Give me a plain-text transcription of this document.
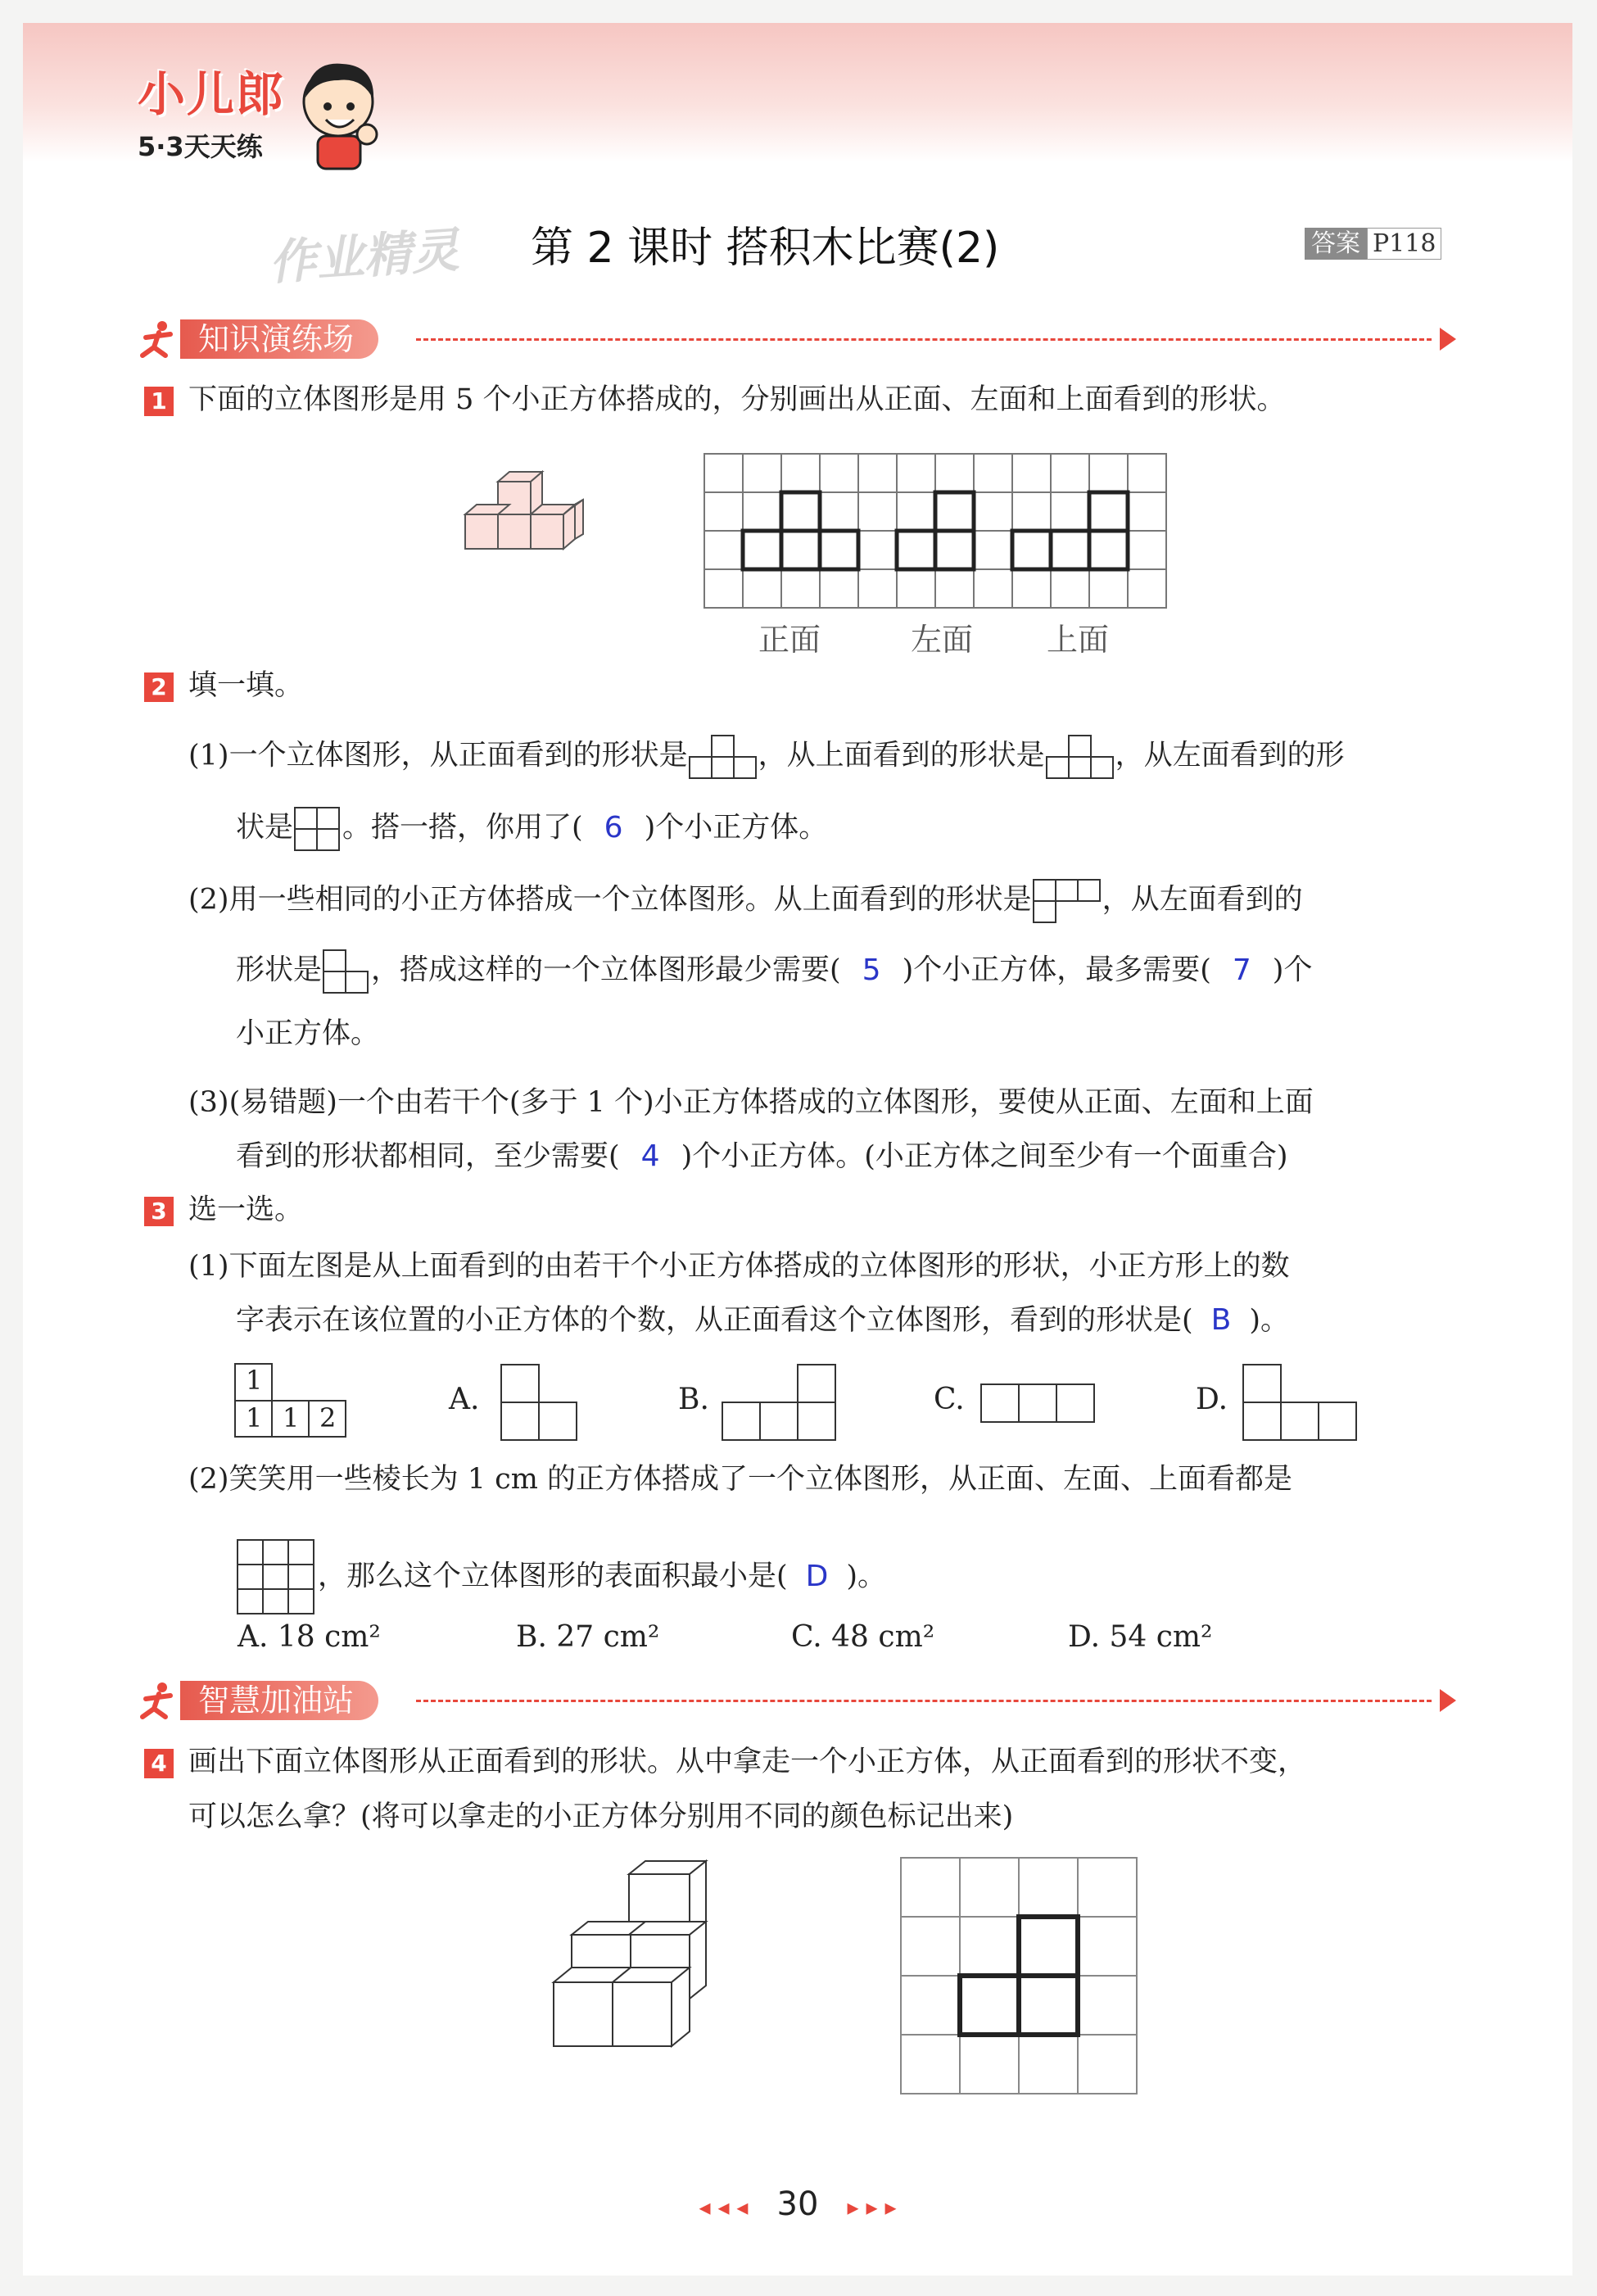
小儿郎
5·3天天练
作业精灵 第 2 课时 搭积木比赛(2)	答案 P118
知识演练场
1 下面的立体图形是用 5 个小正方体搭成的，分别画出从正面、左面和上面看到的形状。
正面	左面 上面
2 填一填。
(1)一个立体图形，从正面看到的形状是 ，从上面看到的形状是 ，从左面看到的形
状是 。搭一搭，你用了( 6 )个小正方体。
(2)用一些相同的小正方体搭成一个立体图形。从上面看到的形状是 ，从左面看到的
形状是 ，搭成这样的一个立体图形最少需要( 5 )个小正方体，最多需要( 7 )个
小正方体。
(3)(易错题)一个由若干个(多于 1 个)小正方体搭成的立体图形，要使从正面、左面和上面
看到的形状都相同，至少需要( 4 )个小正方体。(小正方体之间至少有一个面重合)
3 选一选。
(1)下面左图是从上面看到的由若干个小正方体搭成的立体图形的形状，小正方形上的数
字表示在该位置的小正方体的个数，从正面看这个立体图形，看到的形状是( B )。
1
1 1 2
A.	B.	C.	D.
(2)笑笑用一些棱长为 1 cm 的正方体搭成了一个立体图形，从正面、左面、上面看都是
，那么这个立体图形的表面积最小是( D )。
A. 18 cm²	B. 27 cm²	C. 48 cm²	D. 54 cm²
智慧加油站
4 画出下面立体图形从正面看到的形状。从中拿走一个小正方体，从正面看到的形状不变，
可以怎么拿？(将可以拿走的小正方体分别用不同的颜色标记出来)
◂ ◂ ◂ 30 ▸ ▸ ▸
